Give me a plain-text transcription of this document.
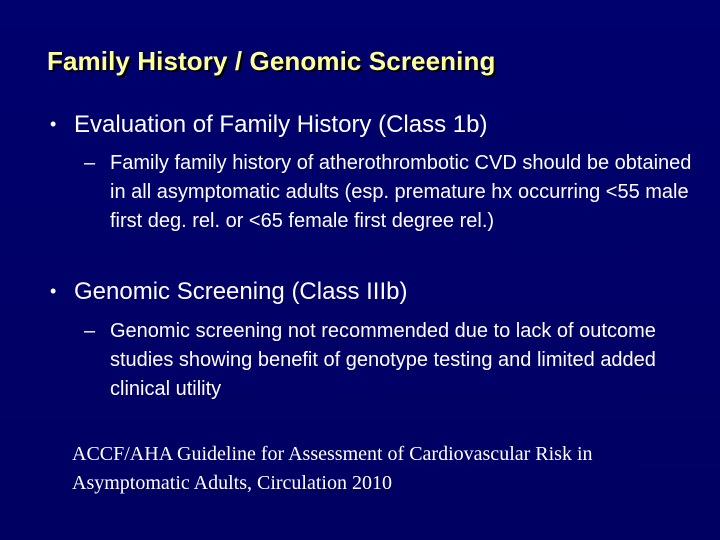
Family History / Genomic Screening
• Evaluation of Family History (Class 1b)
– Family family history of atherothrombotic CVD should be obtained in all asymptomatic adults (esp. premature hx occurring <55 male first deg. rel. or <65 female first degree rel.)
• Genomic Screening (Class IIIb)
– Genomic screening not recommended due to lack of outcome studies showing benefit of genotype testing and limited added clinical utility
ACCF/AHA Guideline for Assessment of Cardiovascular Risk in Asymptomatic Adults, Circulation 2010
